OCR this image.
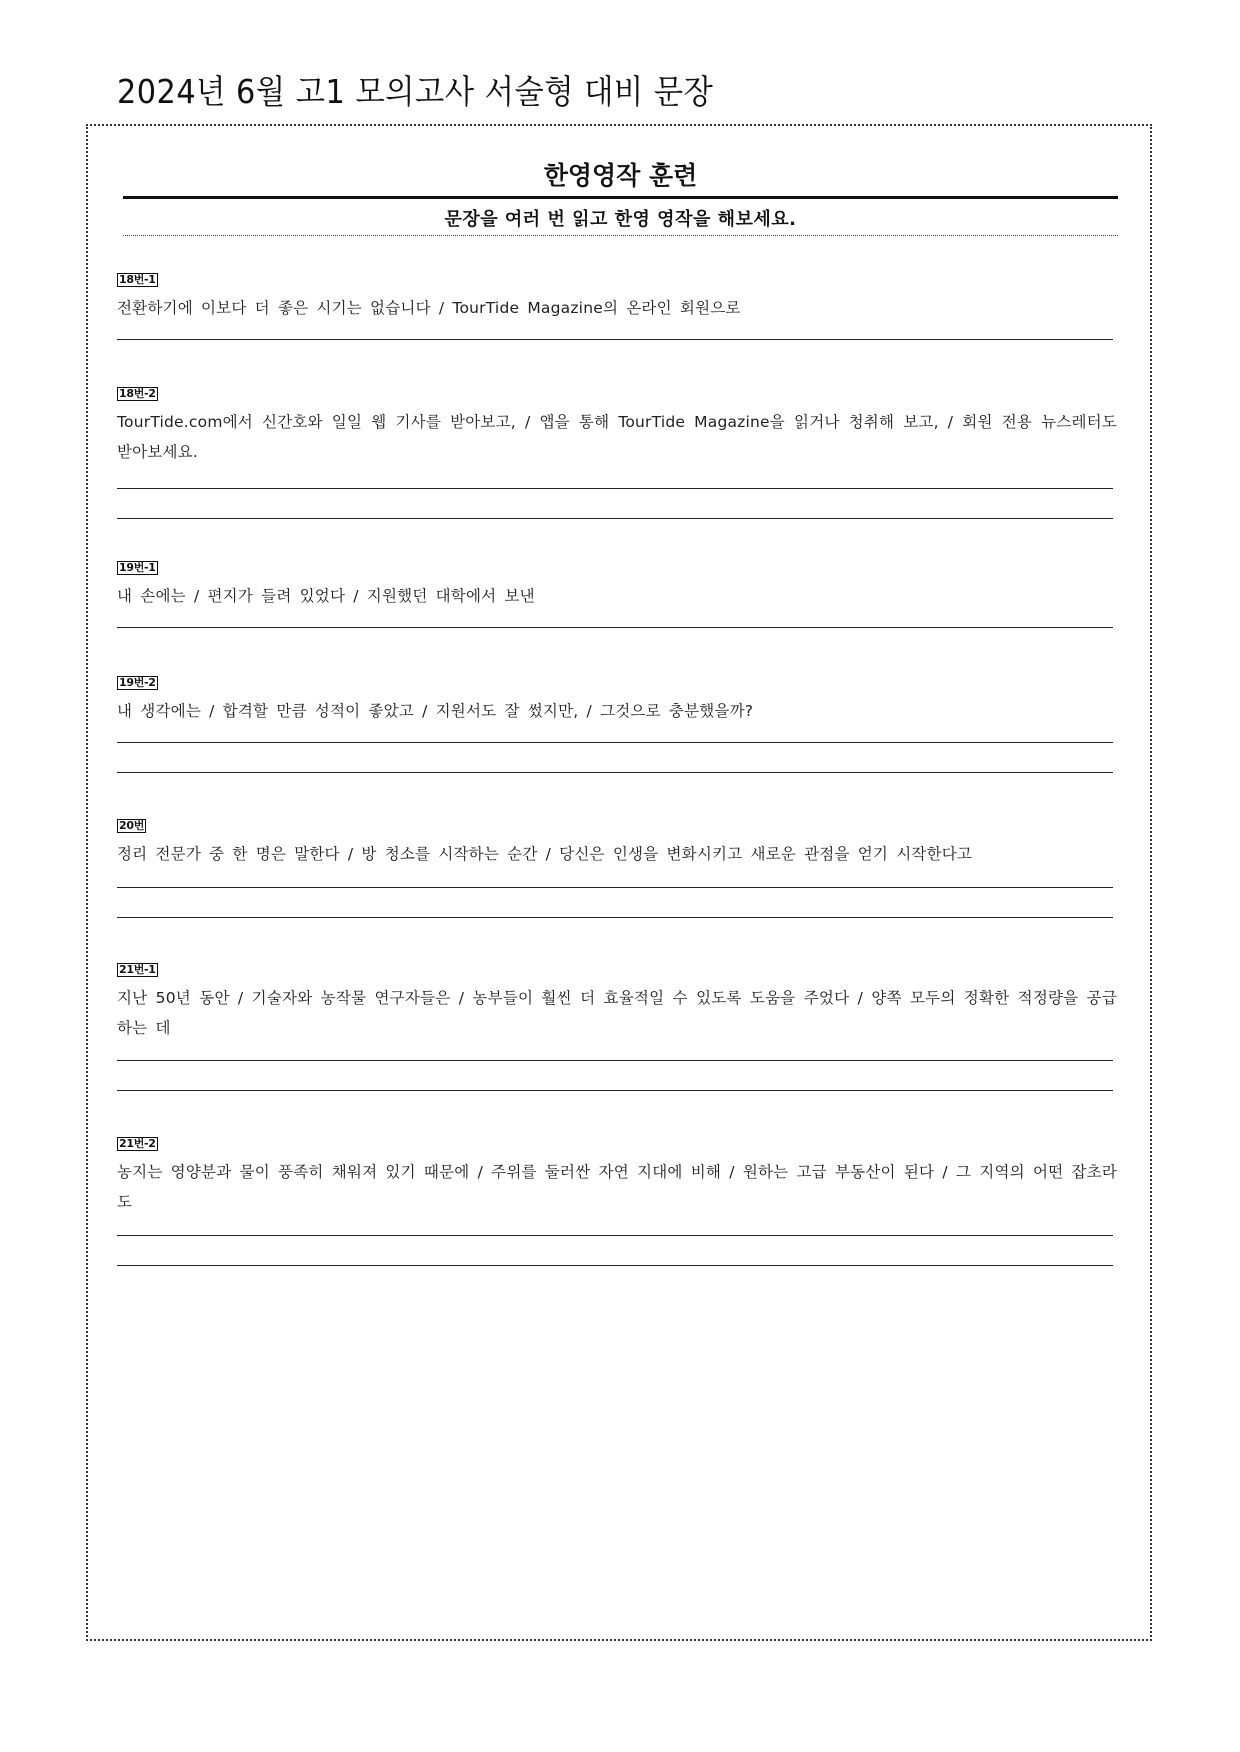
2024년 6월 고1 모의고사 서술형 대비 문장
한영영작 훈련
문장을 여러 번 읽고 한영 영작을 해보세요.
18번-1
전환하기에 이보다 더 좋은 시기는 없습니다 / TourTide Magazine의 온라인 회원으로
18번-2
TourTide.com에서 신간호와 일일 웹 기사를 받아보고, / 앱을 통해 TourTide Magazine을 읽거나 청취해 보고, / 회원 전용 뉴스레터도 받아보세요.
19번-1
내 손에는 / 편지가 들려 있었다 / 지원했던 대학에서 보낸
19번-2
내 생각에는 / 합격할 만큼 성적이 좋았고 / 지원서도 잘 썼지만, / 그것으로 충분했을까?
20번
정리 전문가 중 한 명은 말한다 / 방 청소를 시작하는 순간 / 당신은 인생을 변화시키고 새로운 관점을 얻기 시작한다고
21번-1
지난 50년 동안 / 기술자와 농작물 연구자들은 / 농부들이 훨씬 더 효율적일 수 있도록 도움을 주었다 / 양쪽 모두의 정확한 적정량을 공급하는 데
21번-2
농지는 영양분과 물이 풍족히 채워져 있기 때문에 / 주위를 둘러싼 자연 지대에 비해 / 원하는 고급 부동산이 된다 / 그 지역의 어떤 잡초라도
